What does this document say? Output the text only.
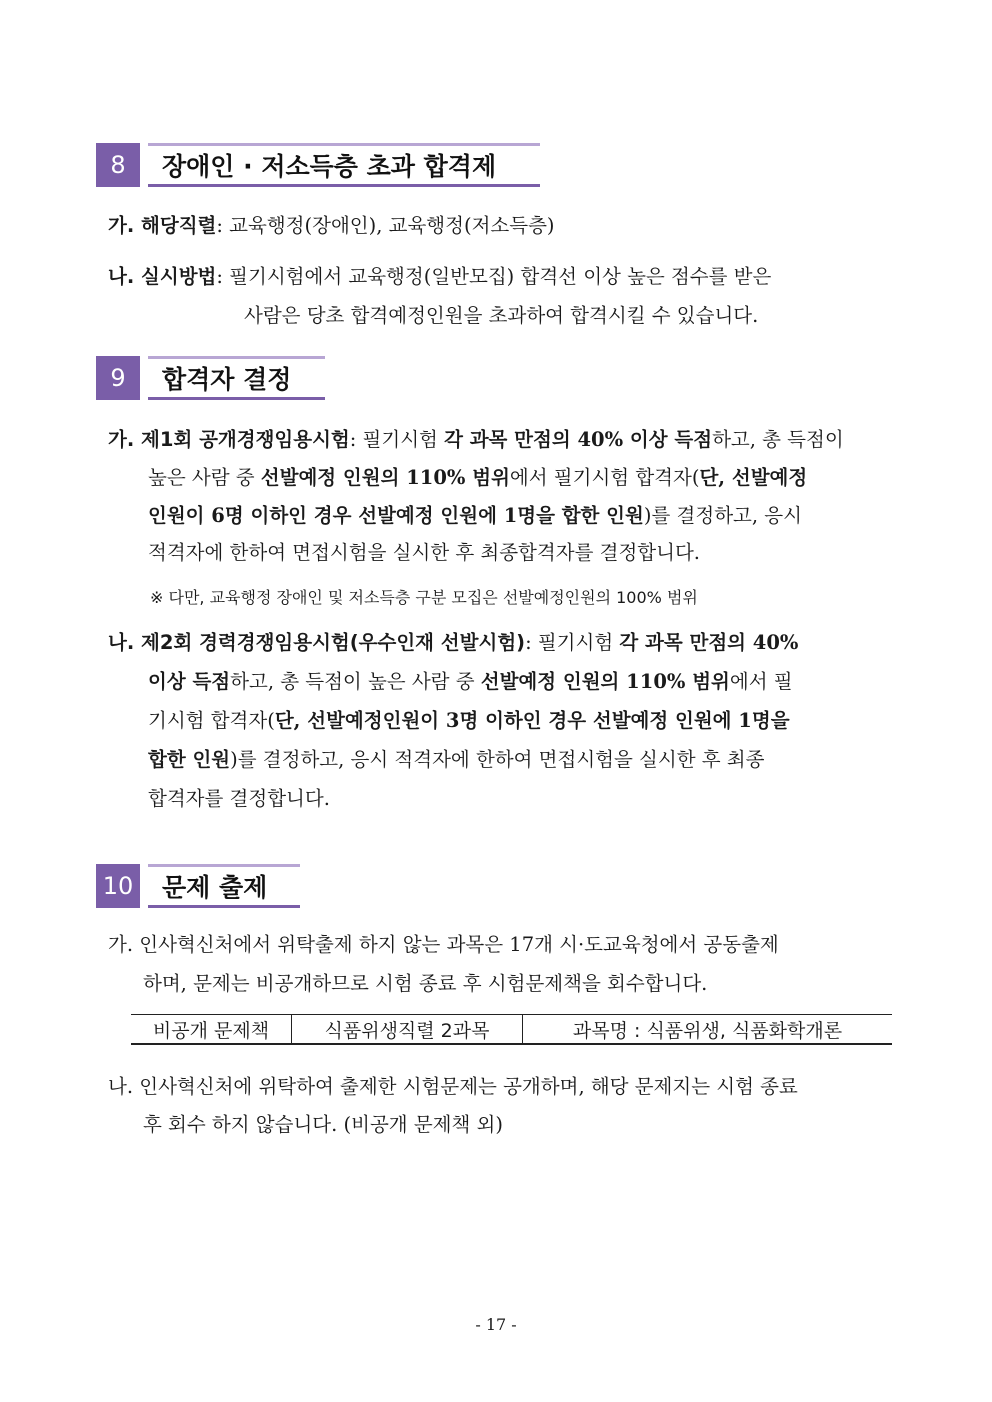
8	장애인 · 저소득층 초과 합격제
가. 해당직렬: 교육행정(장애인), 교육행정(저소득층)
나. 실시방법: 필기시험에서 교육행정(일반모집) 합격선 이상 높은 점수를 받은
사람은 당초 합격예정인원을 초과하여 합격시킬 수 있습니다.
9	합격자 결정
가. 제1회 공개경쟁임용시험: 필기시험 각 과목 만점의 40% 이상 득점하고, 총 득점이
높은 사람 중 선발예정 인원의 110% 범위에서 필기시험 합격자(단, 선발예정
인원이 6명 이하인 경우 선발예정 인원에 1명을 합한 인원)를 결정하고, 응시
적격자에 한하여 면접시험을 실시한 후 최종합격자를 결정합니다.
※ 다만, 교육행정 장애인 및 저소득층 구분 모집은 선발예정인원의 100% 범위
나. 제2회 경력경쟁임용시험(우수인재 선발시험): 필기시험 각 과목 만점의 40%
이상 득점하고, 총 득점이 높은 사람 중 선발예정 인원의 110% 범위에서 필
기시험 합격자(단, 선발예정인원이 3명 이하인 경우 선발예정 인원에 1명을
합한 인원)를 결정하고, 응시 적격자에 한하여 면접시험을 실시한 후 최종
합격자를 결정합니다.
10	문제 출제
가. 인사혁신처에서 위탁출제 하지 않는 과목은 17개 시·도교육청에서 공동출제
하며, 문제는 비공개하므로 시험 종료 후 시험문제책을 회수합니다.
비공개 문제책	식품위생직렬 2과목	과목명 : 식품위생, 식품화학개론
나. 인사혁신처에 위탁하여 출제한 시험문제는 공개하며, 해당 문제지는 시험 종료
후 회수 하지 않습니다. (비공개 문제책 외)
- 17 -
